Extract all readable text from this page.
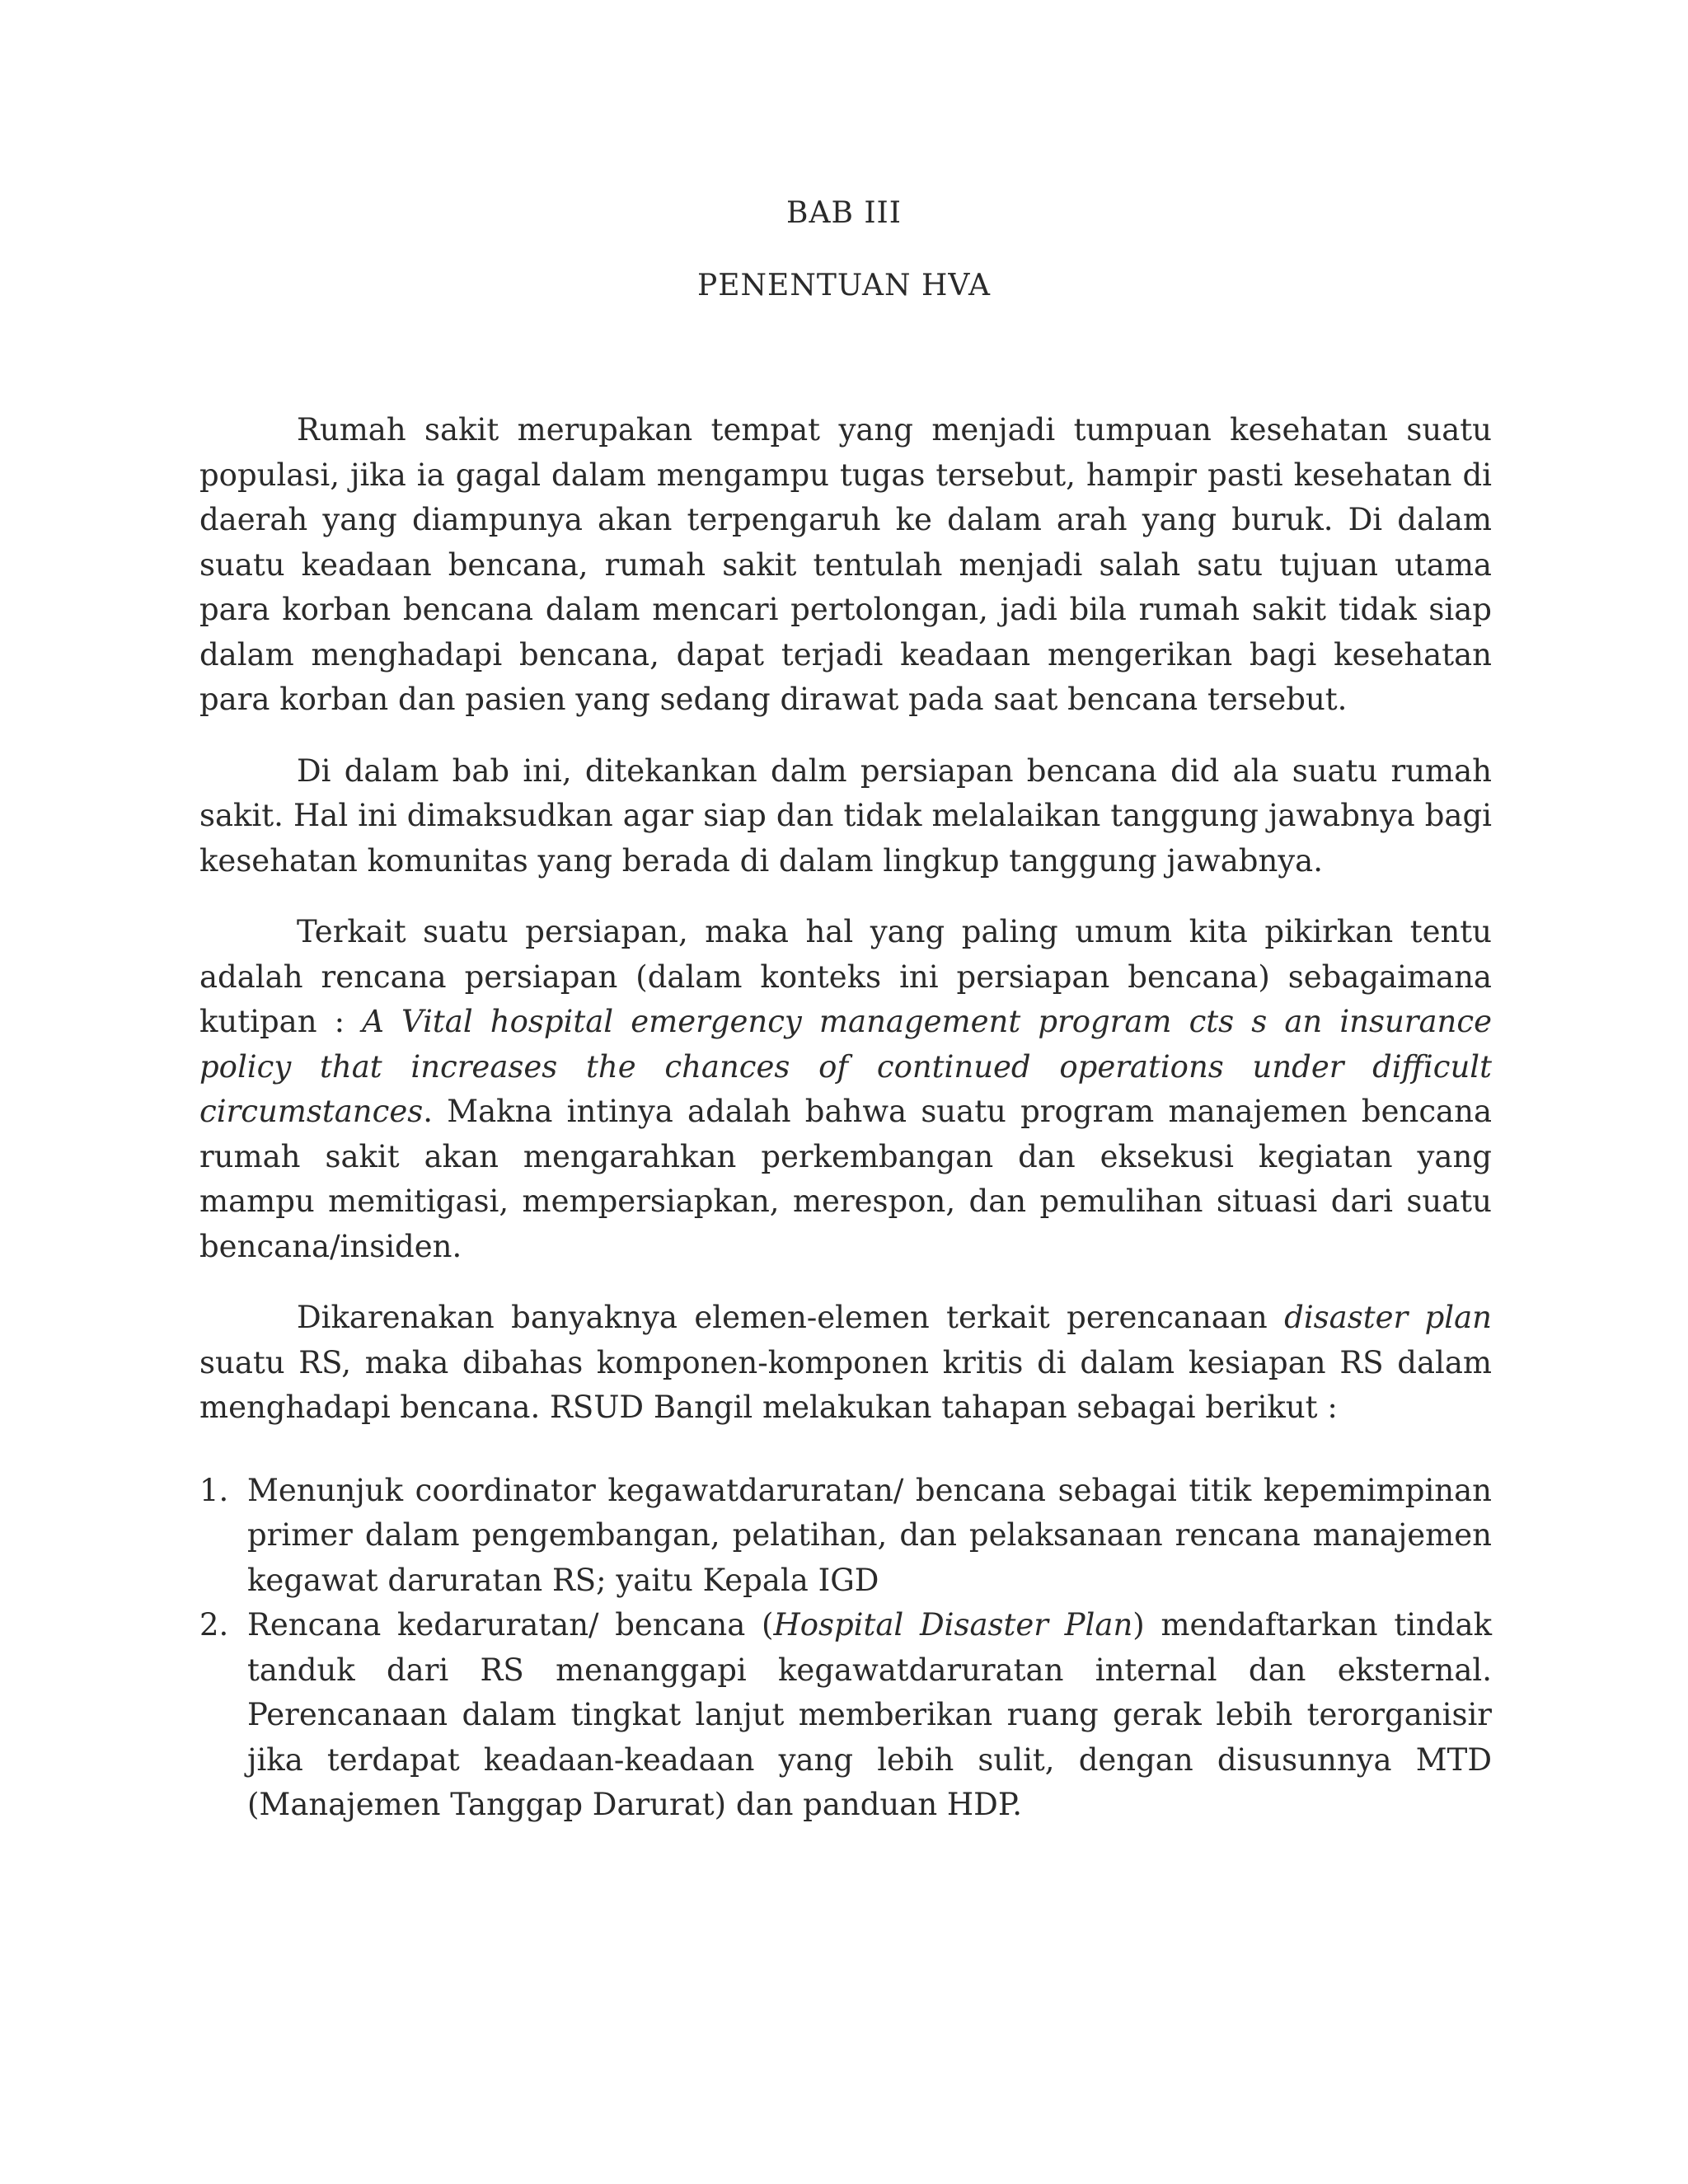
BAB III
PENENTUAN HVA

Rumah sakit merupakan tempat yang menjadi tumpuan kesehatan suatu populasi, jika ia gagal dalam mengampu tugas tersebut, hampir pasti kesehatan di daerah yang diampunya akan terpengaruh ke dalam arah yang buruk. Di dalam suatu keadaan bencana, rumah sakit tentulah menjadi salah satu tujuan utama para korban bencana dalam mencari pertolongan, jadi bila rumah sakit tidak siap dalam menghadapi bencana, dapat terjadi keadaan mengerikan bagi kesehatan para korban dan pasien yang sedang dirawat pada saat bencana tersebut.

Di dalam bab ini, ditekankan dalm persiapan bencana did ala suatu rumah sakit. Hal ini dimaksudkan agar siap dan tidak melalaikan tanggung jawabnya bagi kesehatan komunitas yang berada di dalam lingkup tanggung jawabnya.

Terkait suatu persiapan, maka hal yang paling umum kita pikirkan tentu adalah rencana persiapan (dalam konteks ini persiapan bencana) sebagaimana kutipan : A Vital hospital emergency management program cts s an insurance policy that increases the chances of continued operations under difficult circumstances. Makna intinya adalah bahwa suatu program manajemen bencana rumah sakit akan mengarahkan perkembangan dan eksekusi kegiatan yang mampu memitigasi, mempersiapkan, merespon, dan pemulihan situasi dari suatu bencana/insiden.

Dikarenakan banyaknya elemen-elemen terkait perencanaan disaster plan suatu RS, maka dibahas komponen-komponen kritis di dalam kesiapan RS dalam menghadapi bencana. RSUD Bangil melakukan tahapan sebagai berikut :

1. Menunjuk coordinator kegawatdaruratan/ bencana sebagai titik kepemimpinan primer dalam pengembangan, pelatihan, dan pelaksanaan rencana manajemen kegawat daruratan RS; yaitu Kepala IGD
2. Rencana kedaruratan/ bencana (Hospital Disaster Plan) mendaftarkan tindak tanduk dari RS menanggapi kegawatdaruratan internal dan eksternal. Perencanaan dalam tingkat lanjut memberikan ruang gerak lebih terorganisir jika terdapat keadaan-keadaan yang lebih sulit, dengan disusunnya MTD (Manajemen Tanggap Darurat) dan panduan HDP.
